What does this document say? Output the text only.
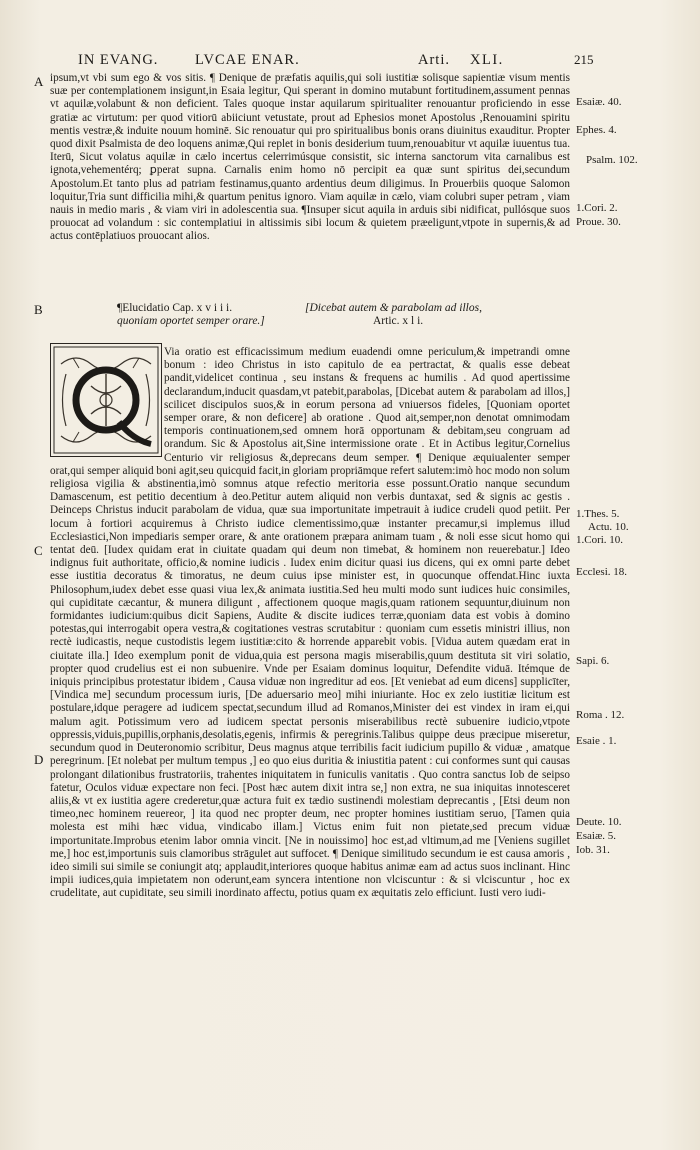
IN EVANG.	LVCAE ENAR.	Arti. XLI.	215
A
B
C
D

ipsum,vt vbi sum ego & vos sitis. ¶ Denique de præfatis aquilis,qui soli iustitiæ solisque sapientiæ visum mentis suæ per contemplationem insigunt,in Esaia legitur, Qui sperant in domino mutabunt fortitudinem,assument pennas vt aquilæ,volabunt & non deficient. Tales quoque instar aquilarum spiritualiter renouantur proficiendo in esse gratiæ ac virtutum: per quod vitiorū abiiciunt vetustate, prout ad Ephesios monet Apostolus ,Renouamini spiritu mentis vestræ,& induite nouum hominē. Sic renouatur qui pro spiritualibus bonis orans diuinitus exauditur. Propter quod dixit Psalmista de deo loquens animæ,Qui replet in bonis desiderium tuum,renouabitur vt aquilæ iuuentus tua. Iterū, Sicut volatus aquilæ in cælo incertus celerrimúsque consistit, sic interna sanctorum vita carnalibus est ignota,vehementérq; ꝑperat supna. Carnalis enim homo nō percipit ea quæ sunt spiritus dei,secundum Apostolum.Et tanto plus ad patriam festinamus,quanto ardentius deum diligimus. In Prouerbiis quoque Salomon loquitur,Tria sunt difficilia mihi,& quartum penitus ignoro. Viam aquilæ in cælo, viam colubri super petram , viam nauis in medio maris , & viam viri in adolescentia sua. ¶Insuper sicut aquila in arduis sibi nidificat, pullósque suos prouocat ad volandum : sic contemplatiui in altissimis sibi locum & quietem præeligunt,vtpote in supernis,& ad actus contēplatiuos prouocant alios.

¶Elucidatio Cap. x v i i i.	[Dicebat autem & parabolam ad illos,
quoniam oportet semper orare.]	Artic. x l i.

Via oratio est efficacissimum medium euadendi omne periculum,& impetrandi omne bonum : ideo Christus in isto capitulo de ea pertractat, & qualis esse debeat pandit,videlicet continua , seu instans & frequens ac humilis . Ad quod apertissime declarandum,inducit quasdam,vt patebit,parabolas, [Dicebat autem & parabolam ad illos,] scilicet discipulos suos,& in eorum persona ad vniuersos fideles, [Quoniam oportet semper orare, & non deficere] ab oratione . Quod ait,semper,non denotat omnimodam temporis continuationem,sed omnem horā opportunam & debitam,seu congruam ad orandum. Sic & Apostolus ait,Sine intermissione orate . Et in Actibus legitur,Cornelius Centurio vir religiosus &,deprecans deum semper. ¶ Denique æquiualenter semper orat,qui semper aliquid boni agit,seu quicquid facit,in gloriam propriāmque refert salutem:imò hoc modo non solum religiosa vigilia & abstinentia,imò somnus atque refectio meritoria esse possunt.Oratio nanque secundum Damascenum, est petitio decentium à deo.Petitur autem aliquid non verbis duntaxat, sed & signis ac gestis . Deinceps Christus inducit parabolam de vidua, quæ sua importunitate impetrauit à iudice crudeli quod petiit. Per locum à fortiori acquiremus à Christo iudice clementissimo,quæ instanter precamur,si implemus illud Ecclesiastici,Non impediaris semper orare, & ante orationem præpara animam tuam , & noli esse sicut homo qui tentat deū. [Iudex quidam erat in ciuitate quadam qui deum non timebat, & hominem non reuerebatur.] Ideo indignus fuit authoritate, officio,& nomine iudicis . Iudex enim dicitur quasi ius dicens, qui ex omni parte debet esse iustitia decoratus & timoratus, ne deum cuius ipse minister est, in quocunque offendat.Hinc iuxta Philosophum,iudex debet esse quasi viua lex,& animata iustitia.Sed heu multi modo sunt iudices huic consimiles, qui cupiditate cæcantur, & munera diligunt , affectionem quoque magis,quam rationem sequuntur,diuinum non formidantes iudicium:quibus dicit Sapiens, Audite & discite iudices terræ,quoniam data est vobis à domino potestas,qui interrogabit opera vestra,& cogitationes vestras scrutabitur : quoniam cum essetis ministri illius, non rectè iudicastis, neque custodistis legem iustitiæ:cito & horrende apparebit vobis. [Vidua autem quædam erat in ciuitate illa.] Ideo exemplum ponit de vidua,quia est persona magis miserabilis,quum destituta sit viri solatio, propter quod crudelius est ei non subuenire. Vnde per Esaiam dominus loquitur, Defendite viduā. Itémque de iniquis principibus protestatur ibidem , Causa viduæ non ingreditur ad eos. [Et veniebat ad eum dicens] supplicīter, [Vindica me] secundum processum iuris, [De aduersario meo] mihi iniuriante. Hoc ex zelo iustitiæ licitum est postulare,idque peragere ad iudicem spectat,secundum illud ad Romanos,Minister dei est vindex in iram ei,qui malum agit. Potissimum vero ad iudicem spectat personis miserabilibus rectè subuenire iudicio,vtpote oppressis,viduis,pupillis,orphanis,desolatis,egenis, infirmis & peregrinis.Talibus quippe deus præcipue miseretur, secundum quod in Deuteronomio scribitur, Deus magnus atque terribilis facit iudicium pupillo & viduæ , amatque peregrinum. [Et nolebat per multum tempus ,] eo quo eius duritia & iniustitia patent : cui conformes sunt qui causas prolongant dilationibus frustratoriis, trahentes iniquitatem in funiculis vanitatis . Quo contra sanctus Iob de seipso fatetur, Oculos viduæ expectare non feci. [Post hæc autem dixit intra se,] non extra, ne sua iniquitas innotesceret aliis,& vt ex iustitia agere crederetur,quæ actura fuit ex tædio sustinendi molestiam deprecantis , [Etsi deum non timeo,nec hominem reuereor, ] ita quod nec propter deum, nec propter homines iustitiam seruo, [Tamen quia molesta est mihi hæc vidua, vindicabo illam.] Victus enim fuit non pietate,sed precum viduæ importunitate.Improbus etenim labor omnia vincit. [Ne in nouissimo] hoc est,ad vltimum,ad me [Veniens sugillet me,] hoc est,importunis suis clamoribus strāgulet aut suffocet. ¶ Denique similitudo secundum ie est causa amoris , ideo simili sui simile se coniungit atq; applaudit,interiores quoque habitus animæ eam ad actus suos inclinant. Hinc impii iudices,quia impietatem non oderunt,eam syncera intentione non vlciscuntur : & si vlciscuntur , hoc ex crudelitate, aut cupiditate, seu simili inordinato affectu, potius quam ex æquitatis zelo efficiunt. Iusti vero iudi-

Esaiæ. 40.
Ephes. 4.
Psalm. 102.
1.Cori. 2.
Proue. 30.
1.Thes. 5.
Actu. 10.
1.Cori. 10.
Ecclesi. 18.
Sapi. 6.
Roma . 12.
Esaie . 1.
Deute. 10.
Esaiæ. 5.
Iob. 31.
